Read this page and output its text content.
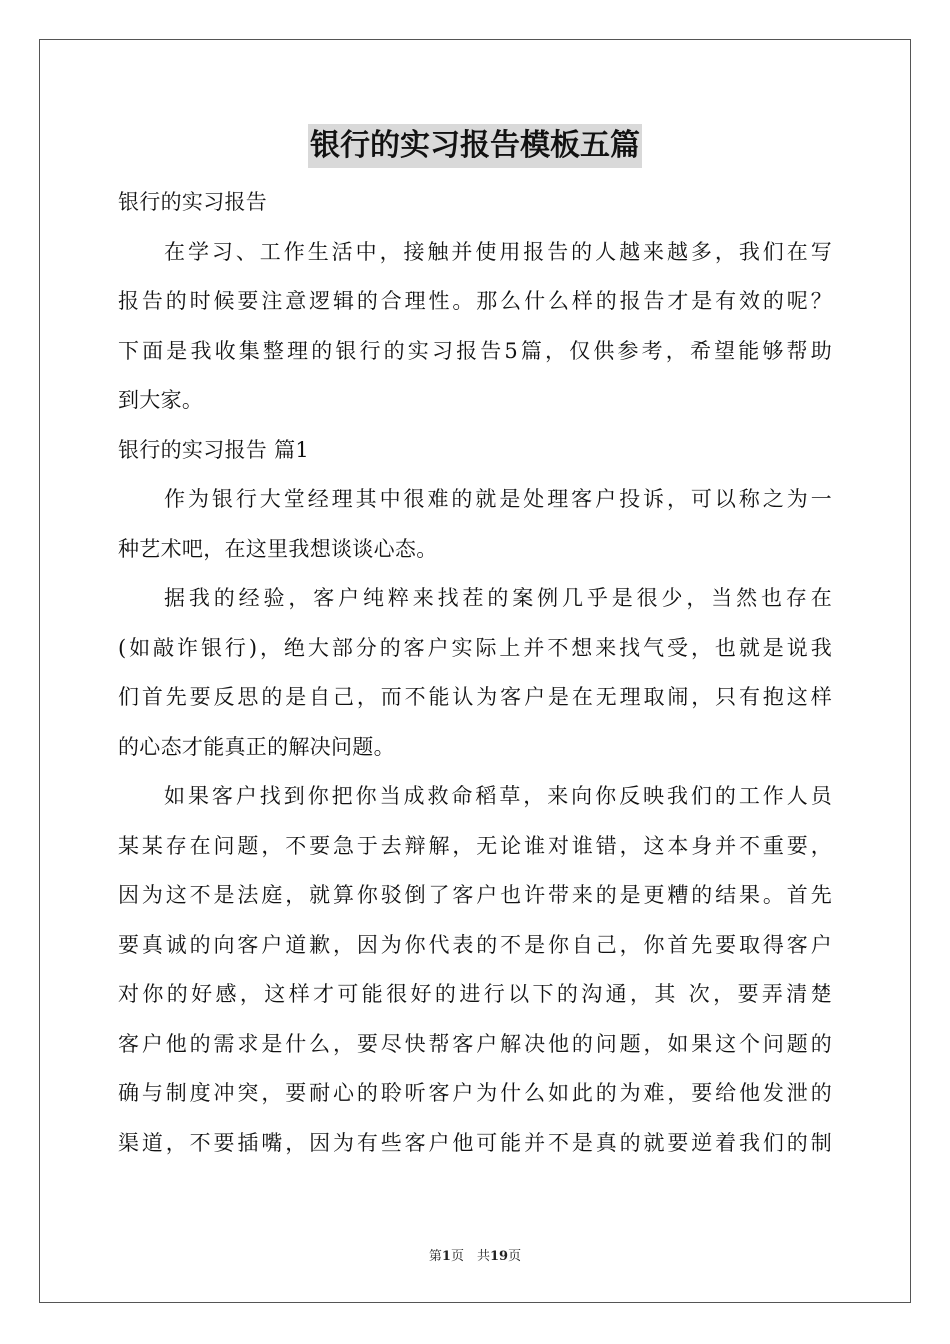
银行的实习报告模板五篇
银行的实习报告
在学习、工作生活中，接触并使用报告的人越来越多，我们在写
报告的时候要注意逻辑的合理性。那么什么样的报告才是有效的呢？
下面是我收集整理的银行的实习报告5篇，仅供参考，希望能够帮助
到大家。
银行的实习报告 篇1
作为银行大堂经理其中很难的就是处理客户投诉，可以称之为一
种艺术吧，在这里我想谈谈心态。
据我的经验，客户纯粹来找茬的案例几乎是很少，当然也存在
(如敲诈银行)，绝大部分的客户实际上并不想来找气受，也就是说我
们首先要反思的是自己，而不能认为客户是在无理取闹，只有抱这样
的心态才能真正的解决问题。
如果客户找到你把你当成救命稻草，来向你反映我们的工作人员
某某存在问题，不要急于去辩解，无论谁对谁错，这本身并不重要，
因为这不是法庭，就算你驳倒了客户也许带来的是更糟的结果。首先
要真诚的向客户道歉，因为你代表的不是你自己，你首先要取得客户
对你的好感，这样才可能很好的进行以下的沟通，其 次，要弄清楚
客户他的需求是什么，要尽快帮客户解决他的问题，如果这个问题的
确与制度冲突，要耐心的聆听客户为什么如此的为难，要给他发泄的
渠道，不要插嘴，因为有些客户他可能并不是真的就要逆着我们的制
第1页　共19页
